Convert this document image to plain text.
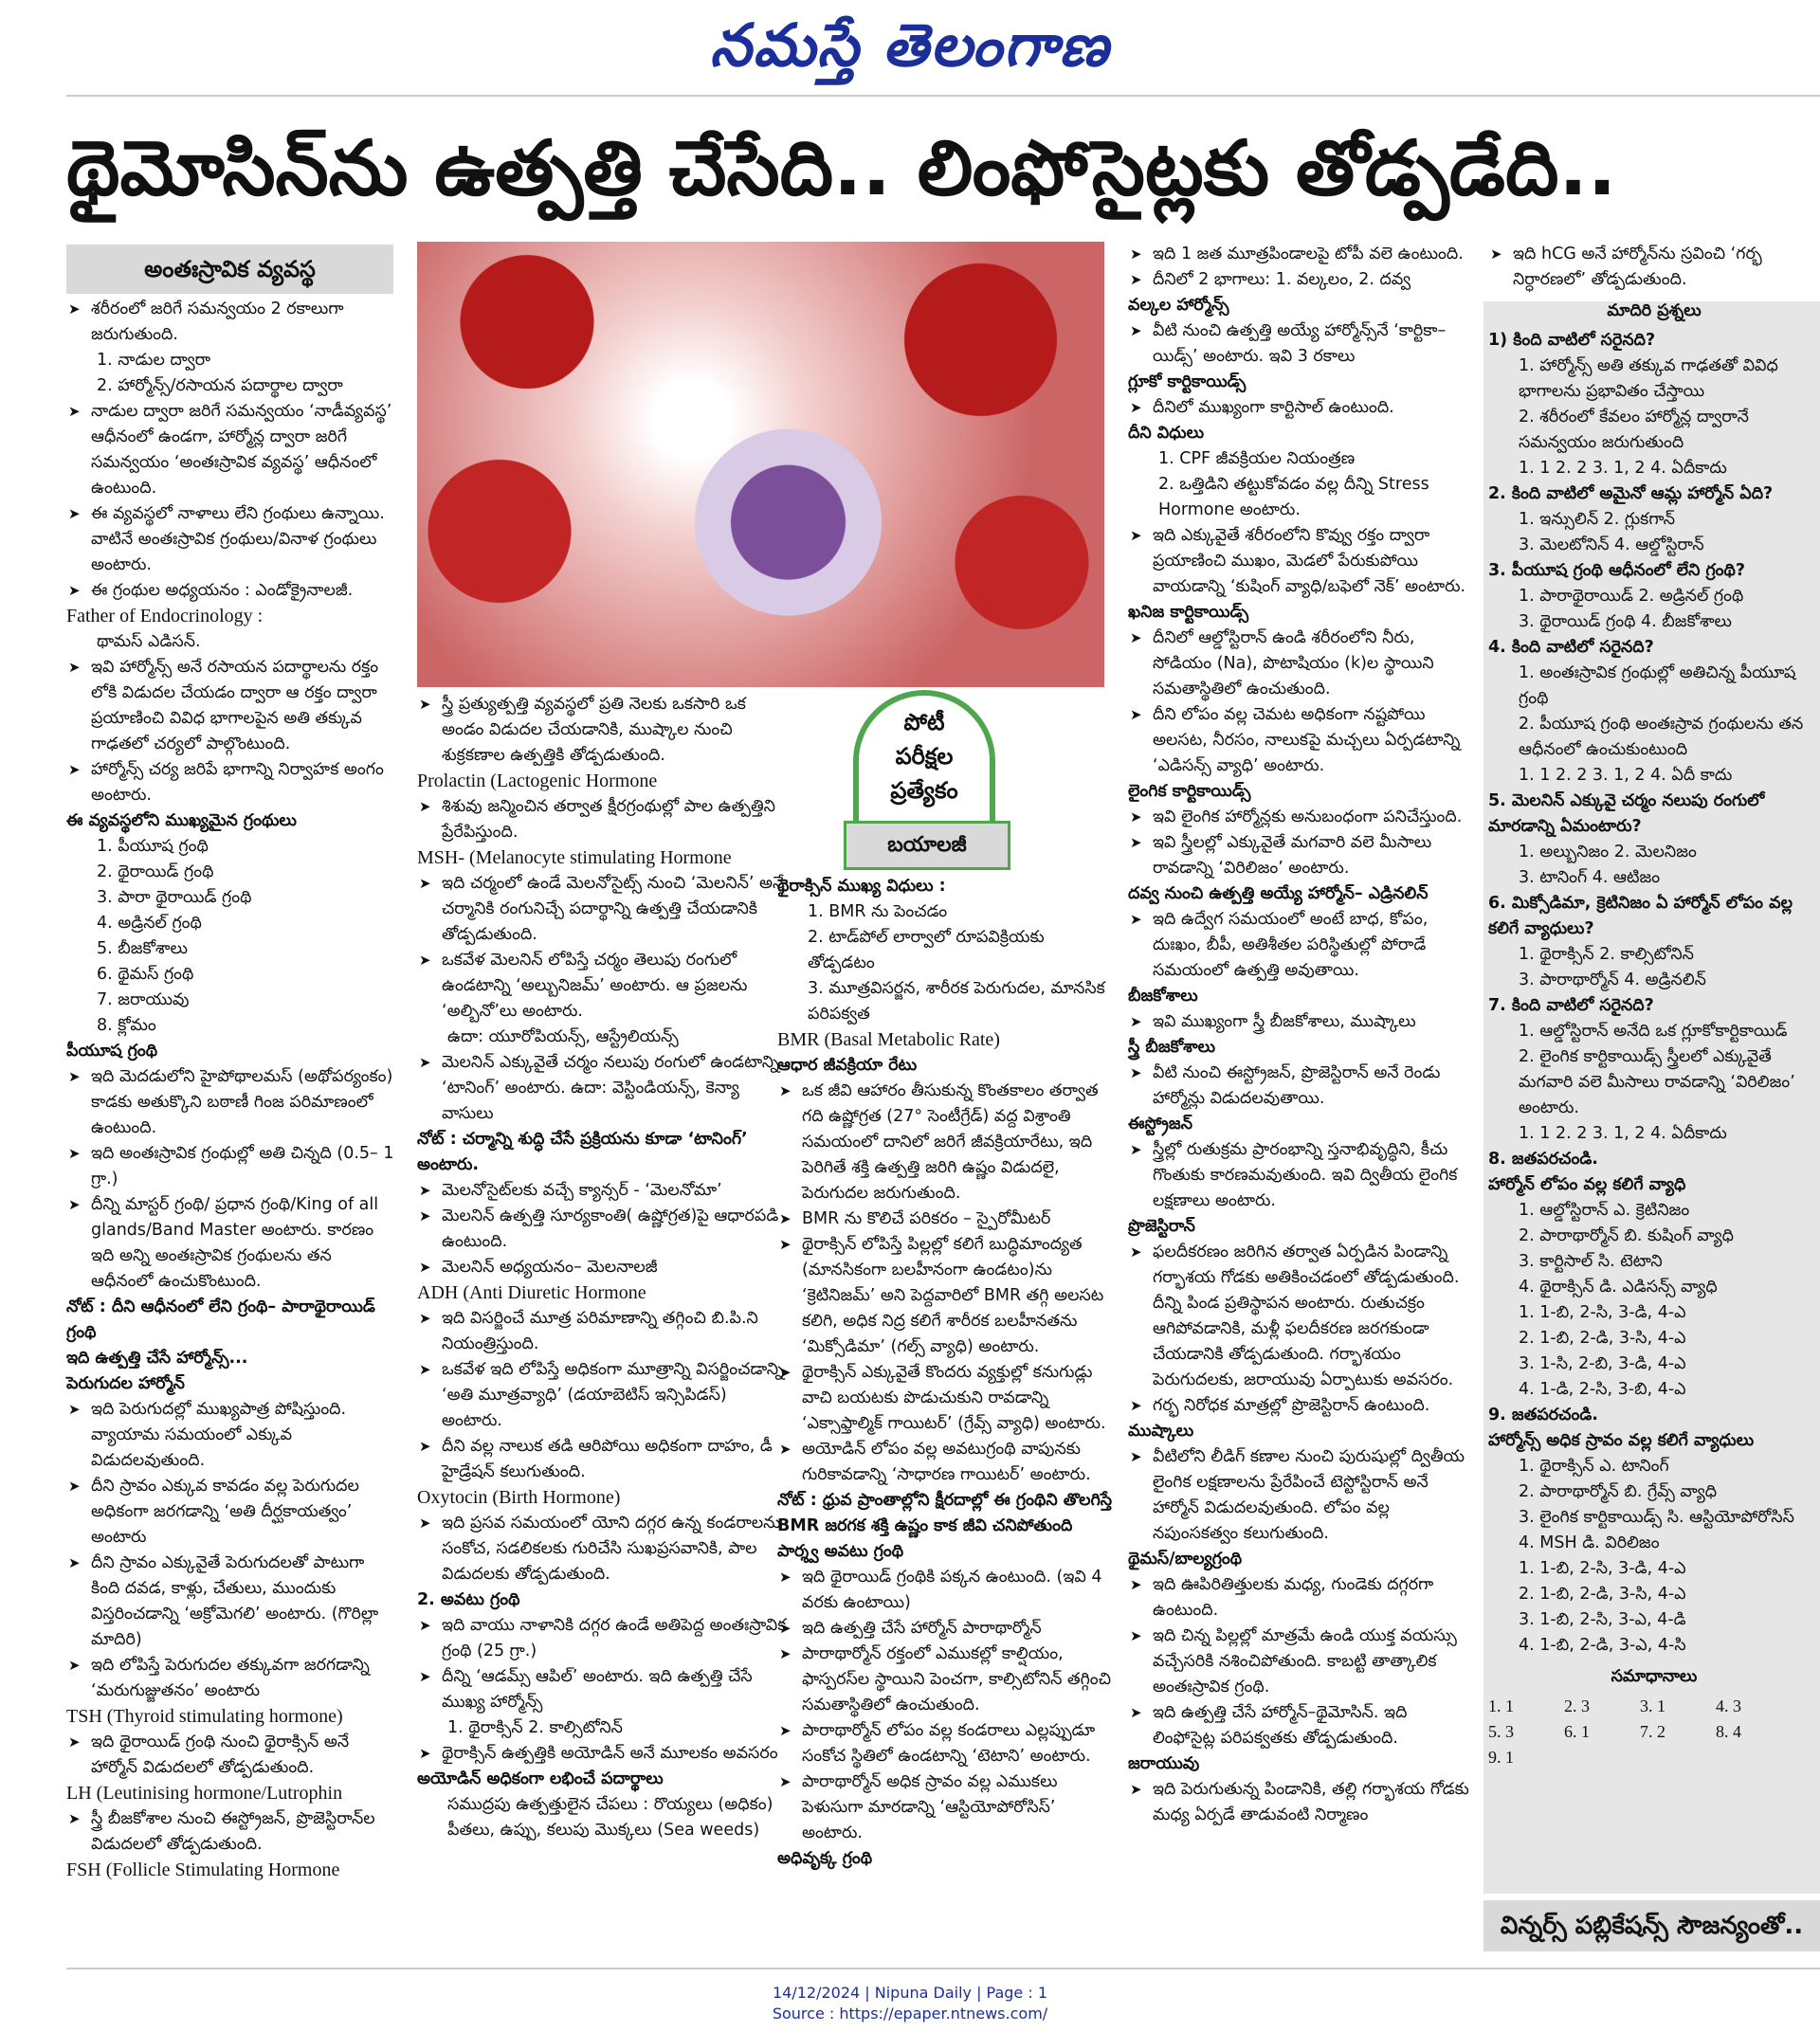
నమస్తే తెలంగాణ
థైమోసిన్‌ను ఉత్పత్తి చేసేది.. లింఫోసైట్లకు తోడ్పడేది..
అంతఃస్రావిక వ్యవస్థ

➤ శరీరంలో జరిగే సమన్వయం 2 రకాలుగా జరుగుతుంది.

1. నాడుల ద్వారా

2. హార్మోన్స్‌/రసాయన పదార్థాల ద్వారా

➤ నాడుల ద్వారా జరిగే సమన్వయం ‘నాడీవ్యవస్థ’ ఆధీనంలో ఉండగా, హార్మోన్ల ద్వారా జరిగే సమన్వయం ‘అంతఃస్రావిక వ్యవస్థ’ ఆధీనంలో ఉంటుంది.

➤ ఈ వ్యవస్థలో నాళాలు లేని గ్రంథులు ఉన్నాయి. వాటినే అంతఃస్రావిక గ్రంథులు/వినాళ గ్రంథులు అంటారు.

➤ ఈ గ్రంథుల అధ్యయనం : ఎండోక్రైనాలజీ.

Father of Endocrinology :

థామస్‌ ఎడిసన్‌.

➤ ఇవి హార్మోన్స్‌ అనే రసాయన పదార్థాలను రక్తం లోకి విడుదల చేయడం ద్వారా ఆ రక్తం ద్వారా ప్రయాణించి వివిధ భాగాలపైన అతి తక్కువ గాఢతలో చర్యలో పాల్గొంటుంది.

➤ హార్మోన్స్‌ చర్య జరిపే భాగాన్ని నిర్వాహక అంగం అంటారు.

ఈ వ్యవస్థలోని ముఖ్యమైన గ్రంథులు

1. పీయూష గ్రంథి

2. థైరాయిడ్‌ గ్రంథి

3. పారా థైరాయిడ్‌ గ్రంథి

4. అడ్రినల్‌ గ్రంథి

5. బీజకోశాలు

6. థైమస్‌ గ్రంథి

7. జరాయువు

8. క్లోమం

పీయూష గ్రంథి

➤ ఇది మెదడులోని హైపోథాలమస్‌ (అథోపర్యంకం) కాడకు అతుక్కొని బఠాణీ గింజ పరిమాణంలో ఉంటుంది.

➤ ఇది అంతఃస్రావిక గ్రంథుల్లో అతి చిన్నది (0.5– 1 గ్రా.)

➤ దీన్ని మాస్టర్‌ గ్రంథి/ ప్రధాన గ్రంథి/King of all glands/Band Master అంటారు. కారణం ఇది అన్ని అంతఃస్రావిక గ్రంథులను తన ఆధీనంలో ఉంచుకొంటుంది.

నోట్‌ : దీని ఆధీనంలో లేని గ్రంథి– పారాథైరాయిడ్‌ గ్రంథి

ఇది ఉత్పత్తి చేసే హార్మోన్స్‌...

పెరుగుదల హార్మోన్‌

➤ ఇది పెరుగుదల్లో ముఖ్యపాత్ర పోషిస్తుంది. వ్యాయామ సమయంలో ఎక్కువ విడుదలవుతుంది.

➤ దీని స్రావం ఎక్కువ కావడం వల్ల పెరుగుదల అధికంగా జరగడాన్ని ‘అతి దీర్ఘకాయత్వం’ అంటారు

➤ దీని స్రావం ఎక్కువైతే పెరుగుదలతో పాటుగా కింది దవడ, కాళ్లు, చేతులు, ముందుకు విస్తరించడాన్ని ‘అక్రోమెగలి’ అంటారు. (గొరిల్లా మాదిరి)

➤ ఇది లోపిస్తే పెరుగుదల తక్కువగా జరగడాన్ని ‘మరుగుజ్జుతనం’ అంటారు

TSH (Thyroid stimulating hormone)

➤ ఇది థైరాయిడ్‌ గ్రంథి నుంచి థైరాక్సిన్‌ అనే హార్మోన్‌ విడుదలలో తోడ్పడుతుంది.

LH (Leutinising hormone/Lutrophin

➤ స్త్రీ బీజకోశాల నుంచి ఈస్ట్రోజన్‌, ప్రొజెస్టిరాన్‌ల విడుదలలో తోడ్పడుతుంది.

FSH (Follicle Stimulating Hormone

➤ స్త్రీ ప్రత్యుత్పత్తి వ్యవస్థలో ప్రతి నెలకు ఒకసారి ఒక అండం విడుదల చేయడానికి, ముష్కాల నుంచి శుక్రకణాల ఉత్పత్తికి తోడ్పడుతుంది.

Prolactin (Lactogenic Hormone

➤ శిశువు జన్మించిన తర్వాత క్షీరగ్రంథుల్లో పాల ఉత్పత్తిని ప్రేరేపిస్తుంది.

MSH- (Melanocyte stimulating Hormone

➤ ఇది చర్మంలో ఉండే మెలనోసైట్స్‌ నుంచి ‘మెలనిన్‌’ అనే చర్మానికి రంగునిచ్చే పదార్థాన్ని ఉత్పత్తి చేయడానికి తోడ్పడుతుంది.

➤ ఒకవేళ మెలనిన్‌ లోపిస్తే చర్మం తెలుపు రంగులో ఉండటాన్ని ‘అల్బునిజమ్‌’ అంటారు. ఆ ప్రజలను ‘అల్బినో’లు అంటారు.

ఉదా: యూరోపియన్స్‌, ఆస్ట్రేలియన్స్‌

➤ మెలనిన్‌ ఎక్కువైతే చర్మం నలుపు రంగులో ఉండటాన్ని ‘టానింగ్‌’ అంటారు. ఉదా: వెస్టిండియన్స్‌, కెన్యా వాసులు

నోట్‌ : చర్మాన్ని శుద్ధి చేసే ప్రక్రియను కూడా ‘టానింగ్‌’ అంటారు.

➤ మెలనోసైట్‌లకు వచ్చే క్యాన్సర్‌ - ‘మెలనోమా’

➤ మెలనిన్‌ ఉత్పత్తి సూర్యకాంతి( ఉష్ణోగ్రత)పై ఆధారపడి ఉంటుంది.

➤ మెలనిన్‌ అధ్యయనం– మెలనాలజీ

ADH (Anti Diuretic Hormone

➤ ఇది విసర్జించే మూత్ర పరిమాణాన్ని తగ్గించి బి.పి.ని నియంత్రిస్తుంది.

➤ ఒకవేళ ఇది లోపిస్తే అధికంగా మూత్రాన్ని విసర్జించడాన్ని ‘అతి మూత్రవ్యాధి’ (డయాబెటిస్‌ ఇన్సిపిడస్‌) అంటారు.

➤ దీని వల్ల నాలుక తడి ఆరిపోయి అధికంగా దాహం, డీ హైడ్రేషన్‌ కలుగుతుంది.

Oxytocin (Birth Hormone)

➤ ఇది ప్రసవ సమయంలో యోని దగ్గర ఉన్న కండరాలను సంకోచ, సడలికలకు గురిచేసి సుఖప్రసవానికి, పాల విడుదలకు తోడ్పడుతుంది.

2. అవటు గ్రంథి

➤ ఇది వాయు నాళానికి దగ్గర ఉండే అతిపెద్ద అంతఃస్రావిక గ్రంథి (25 గ్రా.)

➤ దీన్ని ‘ఆడమ్స్‌ ఆపిల్‌’ అంటారు. ఇది ఉత్పత్తి చేసే ముఖ్య హార్మోన్స్‌

1. థైరాక్సిన్‌ 2. కాల్సిటోనిన్‌

➤ థైరాక్సిన్‌ ఉత్పత్తికి అయోడిన్‌ అనే మూలకం అవసరం

అయోడిన్‌ అధికంగా లభించే పదార్థాలు

సముద్రపు ఉత్పత్తులైన చేపలు : రొయ్యలు (అధికం) పీతలు, ఉప్పు, కలుపు మొక్కలు (Sea weeds)

పోటీ
పరీక్షల
ప్రత్యేకం
బయాలజీ

థైరాక్సిన్‌ ముఖ్య విధులు :

1. BMR ను పెంచడం

2. టాడ్‌పోల్‌ లార్వాలో రూపవిక్రియకు తోడ్పడటం

3. మూత్రవిసర్జన, శారీరక పెరుగుదల, మానసిక పరిపక్వత

BMR (Basal Metabolic Rate)

ఆధార జీవక్రియా రేటు

➤ ఒక జీవి ఆహారం తీసుకున్న కొంతకాలం తర్వాత గది ఉష్ణోగ్రత (27° సెంటీగ్రేడ్‌) వద్ద విశ్రాంతి సమయంలో దానిలో జరిగే జీవక్రియారేటు, ఇది పెరిగితే శక్తి ఉత్పత్తి జరిగి ఉష్ణం విడుదలై, పెరుగుదల జరుగుతుంది.

➤ BMR ను కొలిచే పరికరం – స్పైరోమీటర్‌

➤ థైరాక్సిన్‌ లోపిస్తే పిల్లల్లో కలిగే బుద్ధిమాంద్యత (మానసికంగా బలహీనంగా ఉండటం)ను ‘క్రెటినిజమ్‌’ అని పెద్దవారిలో BMR తగ్గి అలసట కలిగి, అధిక నిద్ర కలిగే శారీరక బలహీనతను ‘మిక్సోడిమా’ (గల్స్‌ వ్యాధి) అంటారు.

➤ థైరాక్సిన్‌ ఎక్కువైతే కొందరు వ్యక్తుల్లో కనుగుడ్లు వాచి బయటకు పొడుచుకుని రావడాన్ని ‘ఎక్సాఫ్తాల్మిక్‌ గాయిటర్‌’ (గ్రేవ్స్‌ వ్యాధి) అంటారు.

➤ అయోడిన్‌ లోపం వల్ల అవటుగ్రంథి వాపునకు గురికావడాన్ని ‘సాధారణ గాయిటర్‌’ అంటారు.

నోట్‌ : ధ్రువ ప్రాంతాల్లోని క్షీరదాల్లో ఈ గ్రంథిని తొలగిస్తే BMR జరగక శక్తి ఉష్ణం కాక జీవి చనిపోతుంది

పార్శ్వ అవటు గ్రంథి

➤ ఇది థైరాయిడ్‌ గ్రంథికి పక్కన ఉంటుంది. (ఇవి 4 వరకు ఉంటాయి)

➤ ఇది ఉత్పత్తి చేసే హార్మోన్‌ పారాథార్మోన్‌

➤ పారాథార్మోన్‌ రక్తంలో ఎముకల్లో కాల్షియం, ఫాస్పరస్‌ల స్థాయిని పెంచగా, కాల్సిటోనిన్‌ తగ్గించి సమతాస్థితిలో ఉంచుతుంది.

➤ పారాథార్మోన్‌ లోపం వల్ల కండరాలు ఎల్లప్పుడూ సంకోచ స్థితిలో ఉండటాన్ని ‘టెటాని’ అంటారు.

➤ పారాథార్మోన్‌ అధిక స్రావం వల్ల ఎముకలు పెళుసుగా మారడాన్ని ‘ఆస్టియోపోరోసిస్‌’ అంటారు.

అధివృక్క గ్రంథి

➤ ఇది 1 జత మూత్రపిండాలపై టోపీ వలె ఉంటుంది.

➤ దీనిలో 2 భాగాలు: 1. వల్కలం, 2. దవ్వ

వల్కల హార్మోన్స్‌

➤ వీటి నుంచి ఉత్పత్తి అయ్యే హార్మోన్స్‌నే ‘కార్టికా–యిడ్స్‌’ అంటారు. ఇవి 3 రకాలు

గ్లూకో కార్టికాయిడ్స్‌

➤ దీనిలో ముఖ్యంగా కార్టిసాల్‌ ఉంటుంది.

దీని విధులు

1. CPF జీవక్రియల నియంత్రణ

2. ఒత్తిడిని తట్టుకోవడం వల్ల దీన్ని Stress Hormone అంటారు.

➤ ఇది ఎక్కువైతే శరీరంలోని కొవ్వు రక్తం ద్వారా ప్రయాణించి ముఖం, మెడలో పేరుకుపోయి వాయడాన్ని ‘కుషింగ్‌ వ్యాధి/బఫెలో నెక్‌’ అంటారు.

ఖనిజ కార్టికాయిడ్స్‌

➤ దీనిలో ఆల్డోస్టిరాన్‌ ఉండి శరీరంలోని నీరు, సోడియం (Na), పొటాషియం (k)ల స్థాయిని సమతాస్థితిలో ఉంచుతుంది.

➤ దీని లోపం వల్ల చెమట అధికంగా నష్టపోయి అలసట, నీరసం, నాలుకపై మచ్చలు ఏర్పడటాన్ని ‘ఎడిసన్స్‌ వ్యాధి’ అంటారు.

లైంగిక కార్టికాయిడ్స్‌

➤ ఇవి లైంగిక హార్మోన్లకు అనుబంధంగా పనిచేస్తుంది.

➤ ఇవి స్త్రీలల్లో ఎక్కువైతే మగవారి వలె మీసాలు రావడాన్ని ‘విరిలిజం’ అంటారు.

దవ్వ నుంచి ఉత్పత్తి అయ్యే హార్మోన్‌– ఎడ్రినలిన్‌

➤ ఇది ఉద్వేగ సమయంలో అంటే బాధ, కోపం, దుఃఖం, బీపీ, అతిశీతల పరిస్థితుల్లో పోరాడే సమయంలో ఉత్పత్తి అవుతాయి.

బీజకోశాలు

➤ ఇవి ముఖ్యంగా స్త్రీ బీజకోశాలు, ముష్కాలు

స్త్రీ బీజకోశాలు

➤ వీటి నుంచి ఈస్ట్రోజన్‌, ప్రొజెస్టిరాన్‌ అనే రెండు హార్మోన్లు విడుదలవుతాయి.

ఈస్ట్రోజన్‌

➤ స్త్రీల్లో రుతుక్రమ ప్రారంభాన్ని స్తనాభివృద్ధిని, కీచు గొంతుకు కారణమవుతుంది. ఇవి ద్వితీయ లైంగిక లక్షణాలు అంటారు.

ప్రొజెస్టిరాన్‌

➤ ఫలదీకరణం జరిగిన తర్వాత ఏర్పడిన పిండాన్ని గర్భాశయ గోడకు అతికించడంలో తోడ్పడుతుంది. దీన్ని పిండ ప్రతిస్థాపన అంటారు. రుతుచక్రం ఆగిపోవడానికి, మళ్లీ ఫలదీకరణ జరగకుండా చేయడానికి తోడ్పడుతుంది. గర్భాశయం పెరుగుదలకు, జరాయువు ఏర్పాటుకు అవసరం.

➤ గర్భ నిరోధక మాత్రల్లో ప్రొజెస్టిరాన్‌ ఉంటుంది.

ముష్కాలు

➤ వీటిలోని లీడిగ్‌ కణాల నుంచి పురుషుల్లో ద్వితీయ లైంగిక లక్షణాలను ప్రేరేపించే టెస్టోస్టిరాన్‌ అనే హార్మోన్‌ విడుదలవుతుంది. లోపం వల్ల నపుంసకత్వం కలుగుతుంది.

థైమస్‌/బాల్యగ్రంథి

➤ ఇది ఊపిరితిత్తులకు మధ్య, గుండెకు దగ్గరగా ఉంటుంది.

➤ ఇది చిన్న పిల్లల్లో మాత్రమే ఉండి యుక్త వయస్సు వచ్చేసరికి నశించిపోతుంది. కాబట్టి తాత్కాలిక అంతఃస్రావిక గ్రంథి.

➤ ఇది ఉత్పత్తి చేసే హార్మోన్‌–థైమోసిన్‌. ఇది లింఫోసైట్ల పరిపక్వతకు తోడ్పడుతుంది.

జరాయువు

➤ ఇది పెరుగుతున్న పిండానికి, తల్లి గర్భాశయ గోడకు మధ్య ఏర్పడే తాడువంటి నిర్మాణం

➤ ఇది hCG అనే హార్మోన్‌ను స్రవించి ‘గర్భ నిర్ధారణలో’ తోడ్పడుతుంది.

మాదిరి ప్రశ్నలు

1) కింది వాటిలో సరైనది?

1. హార్మోన్స్‌ అతి తక్కువ గాఢతతో వివిధ భాగాలను ప్రభావితం చేస్తాయి

2. శరీరంలో కేవలం హార్మోన్ల ద్వారానే సమన్వయం జరుగుతుంది

1. 1 2. 2 3. 1, 2 4. ఏదీకాదు

2. కింది వాటిలో అమైనో ఆమ్ల హార్మోన్‌ ఏది?

1. ఇన్సులిన్‌ 2. గ్లుకగాన్‌

3. మెలటోనిన్‌ 4. ఆల్డోస్టిరాన్‌

3. పీయూష గ్రంథి ఆధీనంలో లేని గ్రంథి?

1. పారాథైరాయిడ్‌ 2. అడ్రినల్‌ గ్రంథి

3. థైరాయిడ్‌ గ్రంథి 4. బీజకోశాలు

4. కింది వాటిలో సరైనది?

1. అంతఃస్రావిక గ్రంథుల్లో అతిచిన్న పీయూష గ్రంథి

2. పీయూష గ్రంథి అంతఃస్రావ గ్రంథులను తన ఆధీనంలో ఉంచుకుంటుంది

1. 1 2. 2 3. 1, 2 4. ఏదీ కాదు

5. మెలనిన్‌ ఎక్కువై చర్మం నలుపు రంగులో మారడాన్ని ఏమంటారు?

1. అల్బునిజం 2. మెలనిజం

3. టానింగ్‌ 4. ఆటిజం

6. మిక్సోడిమా, క్రెటినిజం ఏ హార్మోన్‌ లోపం వల్ల కలిగే వ్యాధులు?

1. థైరాక్సిన్‌ 2. కాల్సిటోనిన్‌

3. పారాథార్మోన్‌ 4. అడ్రినలిన్‌

7. కింది వాటిలో సరైనది?

1. ఆల్డోస్టిరాన్‌ అనేది ఒక గ్లూకోకార్టికాయిడ్‌

2. లైంగిక కార్టికాయిడ్స్‌ స్త్రీలలో ఎక్కువైతే మగవారి వలె మీసాలు రావడాన్ని ‘విరిలిజం’ అంటారు.

1. 1 2. 2 3. 1, 2 4. ఏదీకాదు

8. జతపరచండి.

హార్మోన్‌ లోపం వల్ల కలిగే వ్యాధి

1. ఆల్డోస్టిరాన్‌ ఎ. క్రెటినిజం

2. పారాథార్మోన్‌ బి. కుషింగ్‌ వ్యాధి

3. కార్టిసాల్‌ సి. టెటాని

4. థైరాక్సిన్‌ డి. ఎడిసన్స్‌ వ్యాధి

1. 1-బి, 2-సి, 3-డి, 4-ఎ

2. 1-బి, 2-డి, 3-సి, 4-ఎ

3. 1-సి, 2-బి, 3-డి, 4-ఎ

4. 1-డి, 2-సి, 3-బి, 4-ఎ

9. జతపరచండి.

హార్మోన్స్‌ అధిక స్రావం వల్ల కలిగే వ్యాధులు

1. థైరాక్సిన్‌ ఎ. టానింగ్‌

2. పారాథార్మోన్‌ బి. గ్రేవ్స్‌ వ్యాధి

3. లైంగిక కార్టికాయిడ్స్‌ సి. ఆస్టియోపోరోసిస్‌

4. MSH డి. విరిలిజం

1. 1-బి, 2-సి, 3-డి, 4-ఎ

2. 1-బి, 2-డి, 3-సి, 4-ఎ

3. 1-బి, 2-సి, 3-ఎ, 4-డి

4. 1-బి, 2-డి, 3-ఎ, 4-సి

సమాధానాలు

1. 1	2. 3	3. 1	4. 3
5. 3	6. 1	7. 2	8. 4
9. 1
విన్నర్స్‌ పబ్లికేషన్స్‌ సౌజన్యంతో..
14/12/2024 | Nipuna Daily | Page : 1
Source : https://epaper.ntnews.com/
